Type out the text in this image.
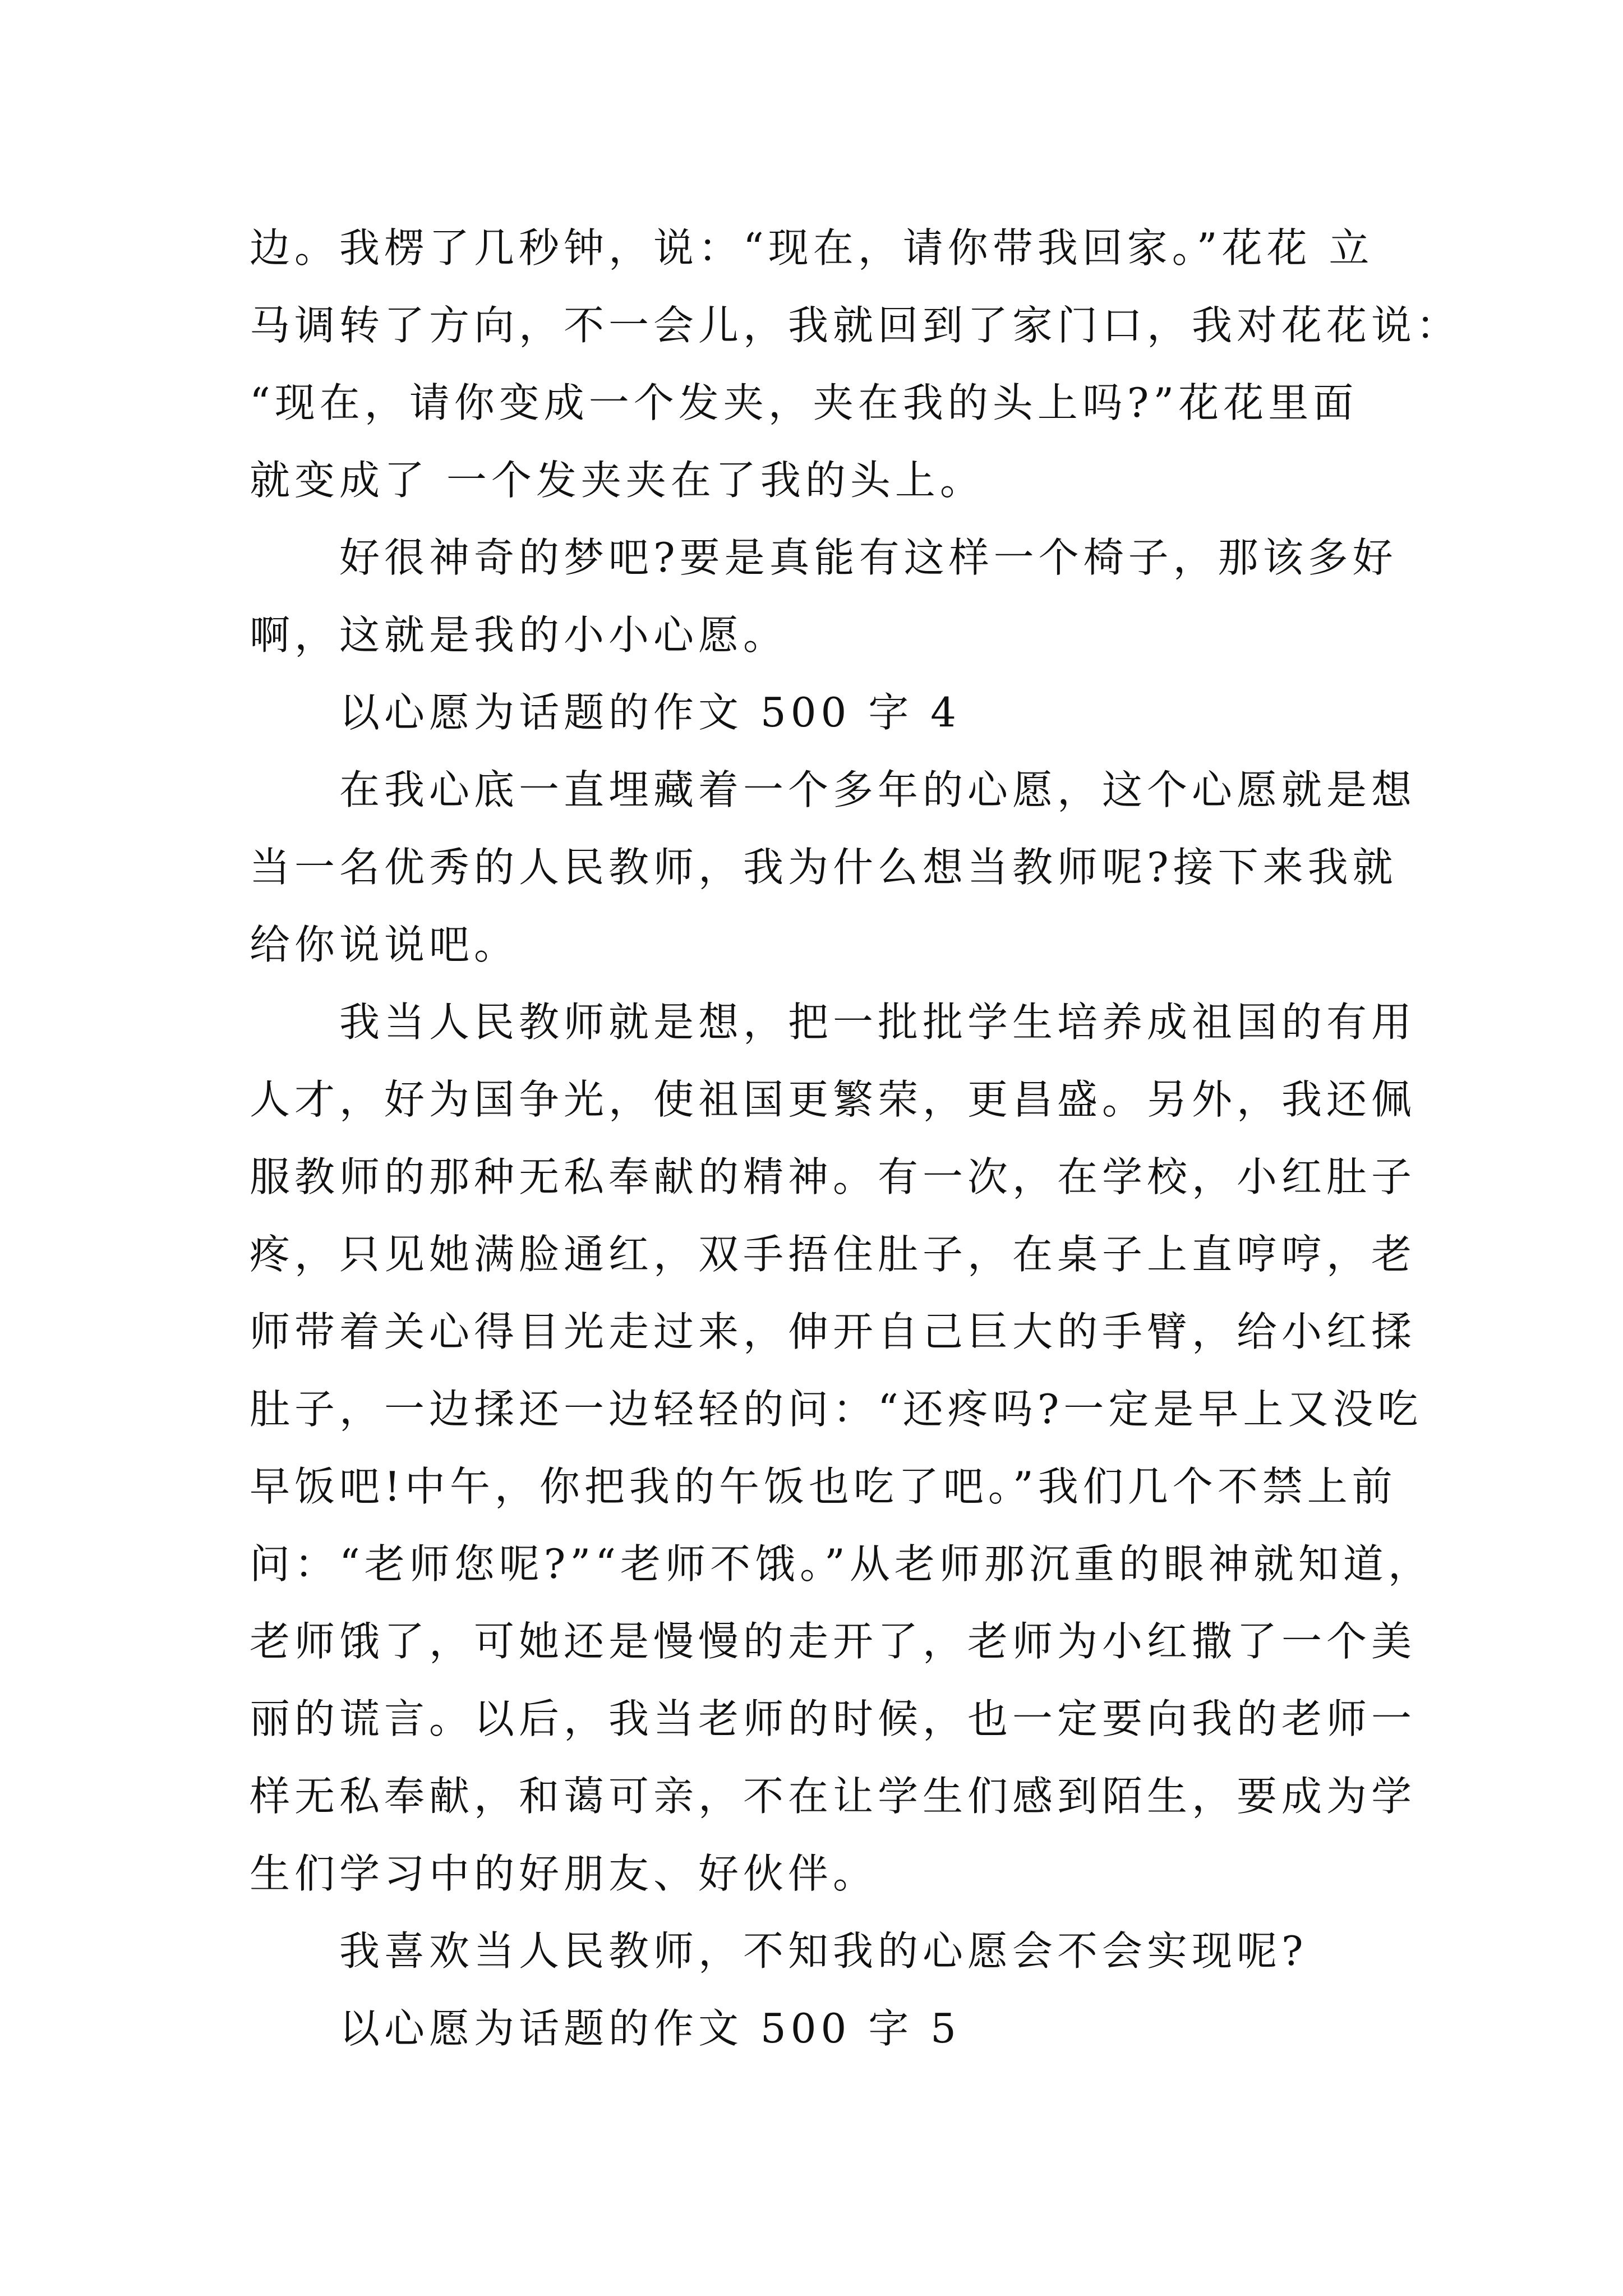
边。我楞了几秒钟，说：“现在，请你带我回家。”花花 立

马调转了方向，不一会儿，我就回到了家门口，我对花花说：

“现在，请你变成一个发夹，夹在我的头上吗?”花花里面

就变成了 一个发夹夹在了我的头上。

好很神奇的梦吧?要是真能有这样一个椅子，那该多好

啊，这就是我的小小心愿。

以心愿为话题的作文 500 字 4

在我心底一直埋藏着一个多年的心愿，这个心愿就是想

当一名优秀的人民教师，我为什么想当教师呢?接下来我就

给你说说吧。

我当人民教师就是想，把一批批学生培养成祖国的有用

人才，好为国争光，使祖国更繁荣，更昌盛。另外，我还佩

服教师的那种无私奉献的精神。有一次，在学校，小红肚子

疼，只见她满脸通红，双手捂住肚子，在桌子上直哼哼，老

师带着关心得目光走过来，伸开自己巨大的手臂，给小红揉

肚子，一边揉还一边轻轻的问：“还疼吗?一定是早上又没吃

早饭吧!中午，你把我的午饭也吃了吧。”我们几个不禁上前

问：“老师您呢?”“老师不饿。”从老师那沉重的眼神就知道，

老师饿了，可她还是慢慢的走开了，老师为小红撒了一个美

丽的谎言。以后，我当老师的时候，也一定要向我的老师一

样无私奉献，和蔼可亲，不在让学生们感到陌生，要成为学

生们学习中的好朋友、好伙伴。

我喜欢当人民教师，不知我的心愿会不会实现呢?

以心愿为话题的作文 500 字 5
